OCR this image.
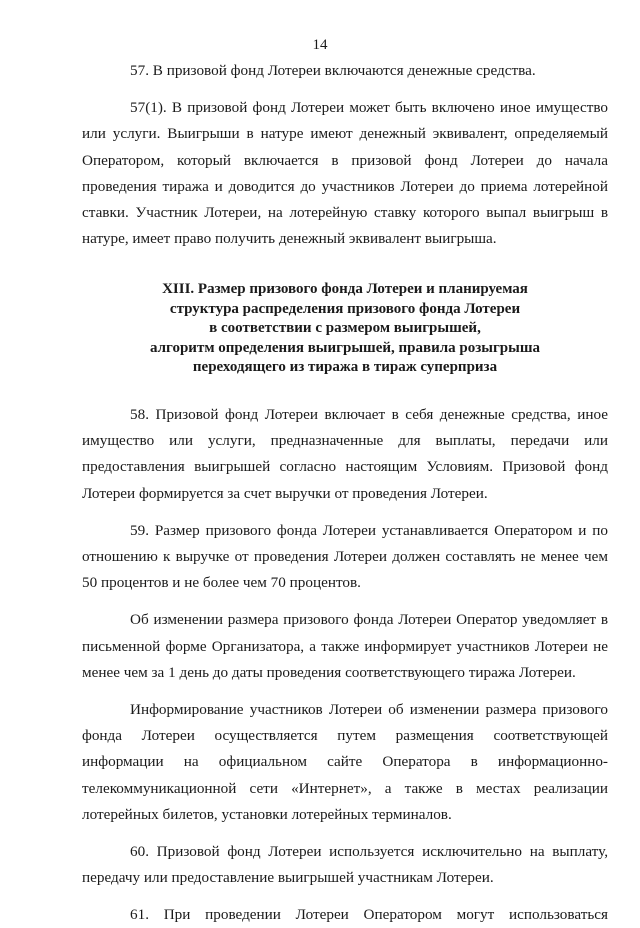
14

57. В призовой фонд Лотереи включаются денежные средства.

57(1). В призовой фонд Лотереи может быть включено иное имущество или услуги. Выигрыши в натуре имеют денежный эквивалент, определяемый Оператором, который включается в призовой фонд Лотереи до начала проведения тиража и доводится до участников Лотереи до приема лотерейной ставки. Участник Лотереи, на лотерейную ставку которого выпал выигрыш в натуре, имеет право получить денежный эквивалент выигрыша.

XIII. Размер призового фонда Лотереи и планируемая
структура распределения призового фонда Лотереи
в соответствии с размером выигрышей,
алгоритм определения выигрышей, правила розыгрыша
переходящего из тиража в тираж суперприза

58. Призовой фонд Лотереи включает в себя денежные средства, иное имущество или услуги, предназначенные для выплаты, передачи или предоставления выигрышей согласно настоящим Условиям. Призовой фонд Лотереи формируется за счет выручки от проведения Лотереи.

59. Размер призового фонда Лотереи устанавливается Оператором и по отношению к выручке от проведения Лотереи должен составлять не менее чем 50 процентов и не более чем 70 процентов.

Об изменении размера призового фонда Лотереи Оператор уведомляет в письменной форме Организатора, а также информирует участников Лотереи не менее чем за 1 день до даты проведения соответствующего тиража Лотереи.

Информирование участников Лотереи об изменении размера призового фонда Лотереи осуществляется путем размещения соответствующей информации на официальном сайте Оператора в информационно-телекоммуникационной сети «Интернет», а также в местах реализации лотерейных билетов, установки лотерейных терминалов.

60. Призовой фонд Лотереи используется исключительно на выплату, передачу или предоставление выигрышей участникам Лотереи.

61. При проведении Лотереи Оператором могут использоваться
